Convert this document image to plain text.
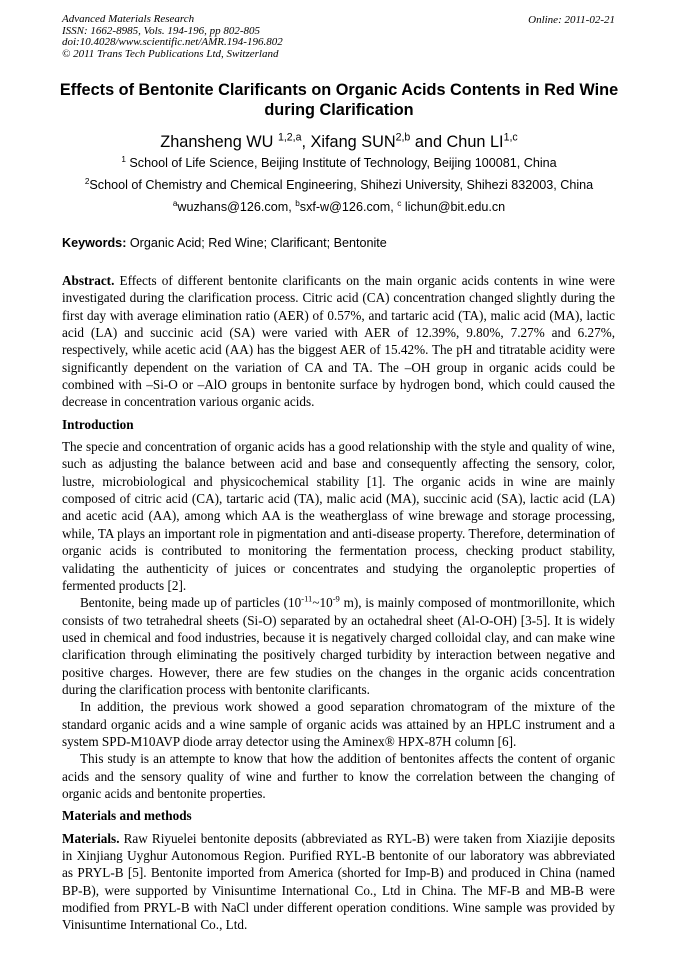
Advanced Materials Research
ISSN: 1662-8985, Vols. 194-196, pp 802-805
doi:10.4028/www.scientific.net/AMR.194-196.802
© 2011 Trans Tech Publications Ltd, Switzerland
Online: 2011-02-21
Effects of Bentonite Clarificants on Organic Acids Contents in Red Wine during Clarification
Zhansheng WU $^{1,2,a}$, Xifang SUN$^{2,b}$ and Chun LI$^{1,c}$
$^1$ School of Life Science, Beijing Institute of Technology, Beijing 100081, China
$^2$School of Chemistry and Chemical Engineering, Shihezi University, Shihezi 832003, China
$^a$wuzhans@126.com, $^b$sxf-w@126.com, $^c$ lichun@bit.edu.cn
Keywords: Organic Acid; Red Wine; Clarificant; Bentonite

Abstract. Effects of different bentonite clarificants on the main organic acids contents in wine were investigated during the clarification process. Citric acid (CA) concentration changed slightly during the first day with average elimination ratio (AER) of 0.57%, and tartaric acid (TA), malic acid (MA), lactic acid (LA) and succinic acid (SA) were varied with AER of 12.39%, 9.80%, 7.27% and 6.27%, respectively, while acetic acid (AA) has the biggest AER of 15.42%. The pH and titratable acidity were significantly dependent on the variation of CA and TA. The –OH group in organic acids could be combined with –Si-O or –AlO groups in bentonite surface by hydrogen bond, which could caused the decrease in concentration various organic acids.

Introduction

The specie and concentration of organic acids has a good relationship with the style and quality of wine, such as adjusting the balance between acid and base and consequently affecting the sensory, color, lustre, microbiological and physicochemical stability [1]. The organic acids in wine are mainly composed of citric acid (CA), tartaric acid (TA), malic acid (MA), succinic acid (SA), lactic acid (LA) and acetic acid (AA), among which AA is the weatherglass of wine brewage and storage processing, while, TA plays an important role in pigmentation and anti-disease property. Therefore, determination of organic acids is contributed to monitoring the fermentation process, checking product stability, validating the authenticity of juices or concentrates and studying the organoleptic properties of fermented products [2].

Bentonite, being made up of particles ($10^{-11}\sim 10^{-9}$ m), is mainly composed of montmorillonite, which consists of two tetrahedral sheets (Si-O) separated by an octahedral sheet (Al-O-OH) [3-5]. It is widely used in chemical and food industries, because it is negatively charged colloidal clay, and can make wine clarification through eliminating the positively charged turbidity by interaction between negative and positive charges. However, there are few studies on the changes in the organic acids concentration during the clarification process with bentonite clarificants.

In addition, the previous work showed a good separation chromatogram of the mixture of the standard organic acids and a wine sample of organic acids was attained by an HPLC instrument and a system SPD-M10AVP diode array detector using the Aminex® HPX-87H column [6].

This study is an attempte to know that how the addition of bentonites affects the content of organic acids and the sensory quality of wine and further to know the correlation between the changing of organic acids and bentonite properties.

Materials and methods

Materials. Raw Riyuelei bentonite deposits (abbreviated as RYL-B) were taken from Xiazijie deposits in Xinjiang Uyghur Autonomous Region. Purified RYL-B bentonite of our laboratory was abbreviated as PRYL-B [5]. Bentonite imported from America (shorted for Imp-B) and produced in China (named BP-B), were supported by Vinisuntime International Co., Ltd in China. The MF-B and MB-B were modified from PRYL-B with NaCl under different operation conditions. Wine sample was provided by Vinisuntime International Co., Ltd.
